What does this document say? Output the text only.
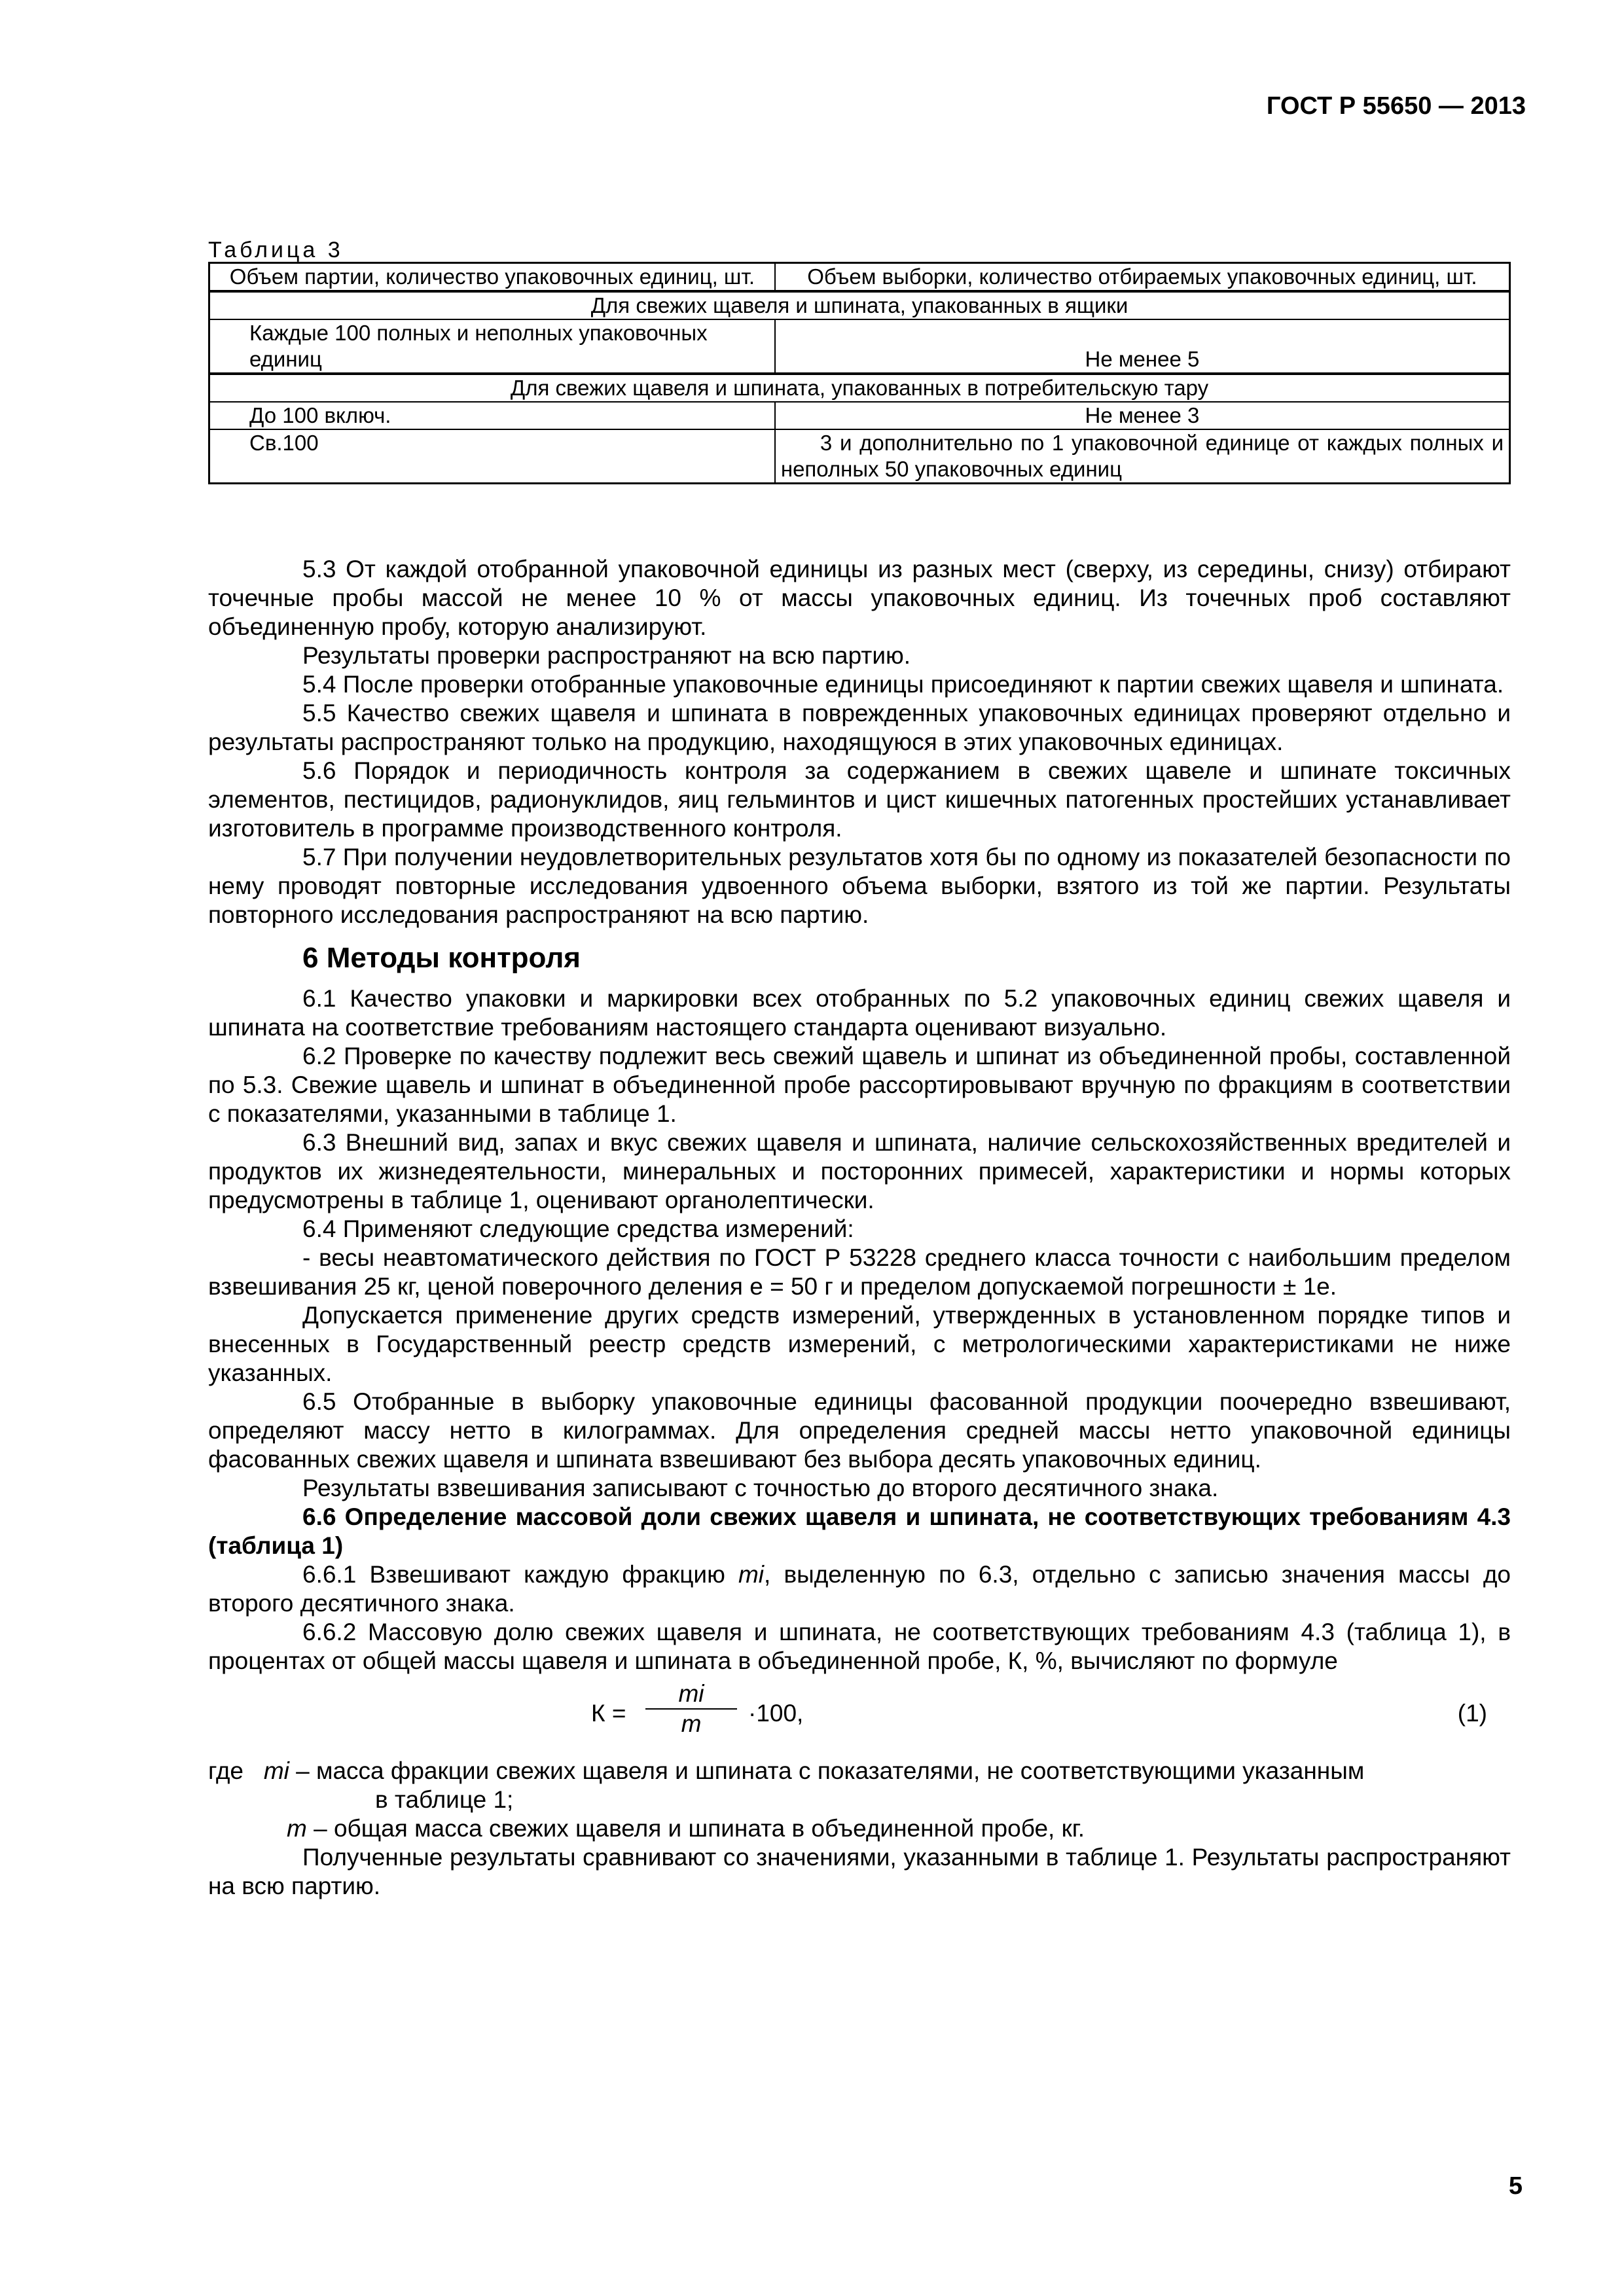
ГОСТ Р 55650 — 2013
Таблица 3
Объем партии, количество упаковочных единиц, шт.	Объем выборки, количество отбираемых упаковочных единиц, шт.
Для свежих щавеля и шпината, упакованных в ящики	
Каждые 100 полных и неполных упаковочных единиц	Не менее 5
Для свежих щавеля и шпината, упакованных в потребительскую тару	
До 100 включ.	Не менее 3
Св.100	3 и дополнительно по 1 упаковочной единице от каждых полных и неполных 50 упаковочных единиц

5.3 От каждой отобранной упаковочной единицы из разных мест (сверху, из середины, снизу) отбирают точечные пробы массой не менее 10 % от массы упаковочных единиц. Из точечных проб составляют объединенную пробу, которую анализируют.

Результаты проверки распространяют на всю партию.

5.4 После проверки отобранные упаковочные единицы присоединяют к партии свежих щавеля и шпината.

5.5 Качество свежих щавеля и шпината в поврежденных упаковочных единицах проверяют отдельно и результаты распространяют только на продукцию, находящуюся в этих упаковочных единицах.

5.6 Порядок и периодичность контроля за содержанием в свежих щавеле и шпинате токсичных элементов, пестицидов, радионуклидов, яиц гельминтов и цист кишечных патогенных простейших устанавливает изготовитель в программе производственного контроля.

5.7 При получении неудовлетворительных результатов хотя бы по одному из показателей безопасности по нему проводят повторные исследования удвоенного объема выборки, взятого из той же партии. Результаты повторного исследования распространяют на всю партию.

6 Методы контроля

6.1 Качество упаковки и маркировки всех отобранных по 5.2 упаковочных единиц свежих щавеля и шпината на соответствие требованиям настоящего стандарта оценивают визуально.

6.2 Проверке по качеству подлежит весь свежий щавель и шпинат из объединенной пробы, составленной по 5.3. Свежие щавель и шпинат в объединенной пробе рассортировывают вручную по фракциям в соответствии с показателями, указанными в таблице 1.

6.3 Внешний вид, запах и вкус свежих щавеля и шпината, наличие сельскохозяйственных вредителей и продуктов их жизнедеятельности, минеральных и посторонних примесей, характеристики и нормы которых предусмотрены в таблице 1, оценивают органолептически.

6.4 Применяют следующие средства измерений:

- весы неавтоматического действия по ГОСТ Р 53228 среднего класса точности с наибольшим пределом взвешивания 25 кг, ценой поверочного деления е = 50 г и пределом допускаемой погрешности ± 1е.

Допускается применение других средств измерений, утвержденных в установленном порядке типов и внесенных в Государственный реестр средств измерений, с метрологическими характеристиками не ниже указанных.

6.5 Отобранные в выборку упаковочные единицы фасованной продукции поочередно взвешивают, определяют массу нетто в килограммах. Для определения средней массы нетто упаковочной единицы фасованных свежих щавеля и шпината взвешивают без выбора десять упаковочных единиц.

Результаты взвешивания записывают с точностью до второго десятичного знака.

6.6 Определение массовой доли свежих щавеля и шпината, не соответствующих требованиям 4.3 (таблица 1)

6.6.1 Взвешивают каждую фракцию mi, выделенную по 6.3, отдельно с записью значения массы до второго десятичного знака.

6.6.2 Массовую долю свежих щавеля и шпината, не соответствующих требованиям 4.3 (таблица 1), в процентах от общей массы щавеля и шпината в объединенной пробе, К, %, вычисляют по формуле

$К = \frac{mi}{m} \cdot 100$,	(1)

где mi – масса фракции свежих щавеля и шпината с показателями, не соответствующими указанным

в таблице 1;

m – общая масса свежих щавеля и шпината в объединенной пробе, кг.

Полученные результаты сравнивают со значениями, указанными в таблице 1. Результаты распространяют на всю партию.

5
